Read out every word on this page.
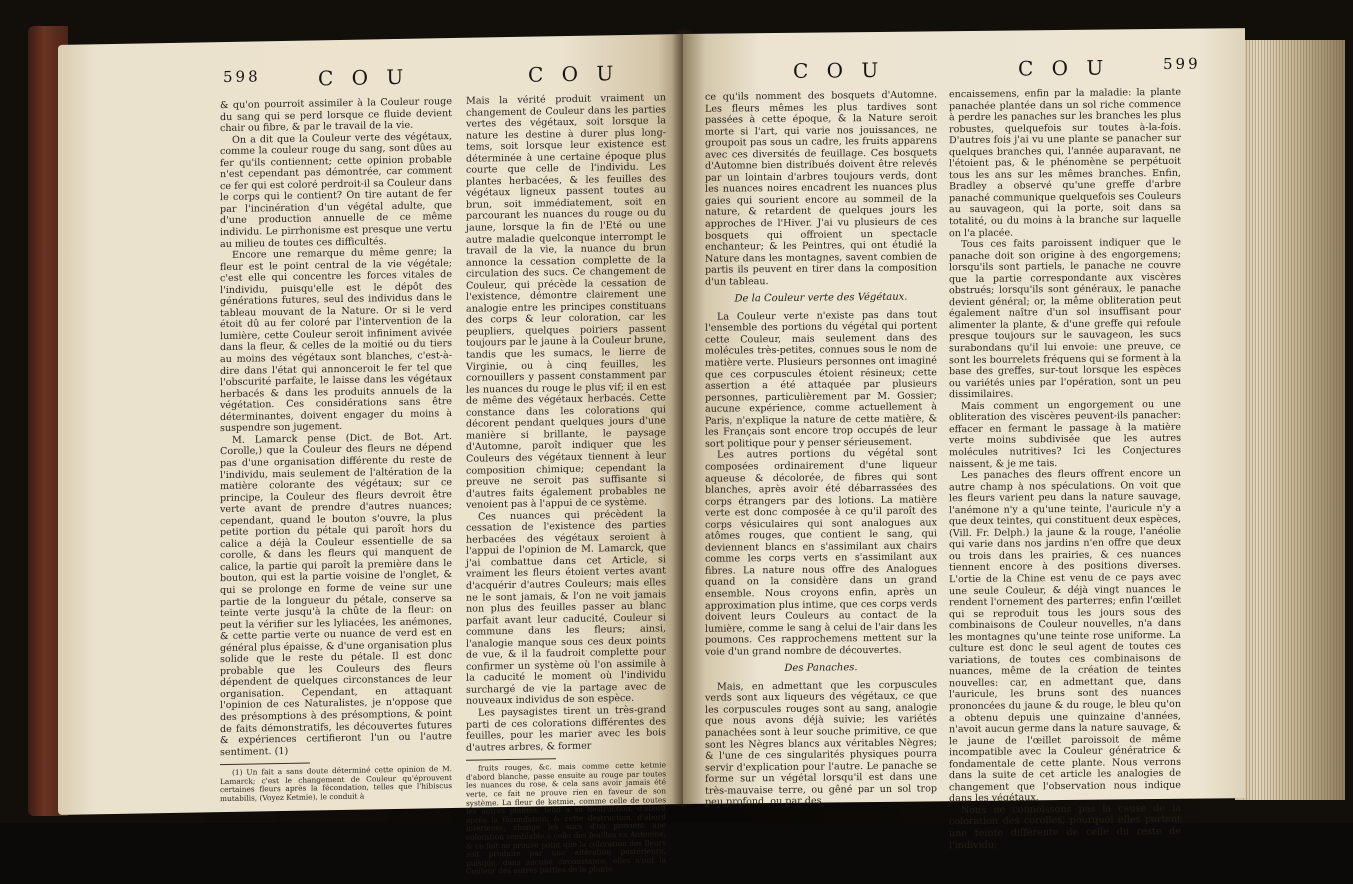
598	C O U	C O U

& qu'on pourroit assimiler à la Couleur rouge du sang qui se perd lorsque ce fluide devient chair ou fibre, & par le travail de la vie.

On a dit que la Couleur verte des végétaux, comme la couleur rouge du sang, sont dûes au fer qu'ils contiennent; cette opinion probable n'est cependant pas démontrée, car comment ce fer qui est coloré perdroit-il sa Couleur dans le corps qui le contient? On tire autant de fer par l'incinération d'un végétal adulte, que d'une production annuelle de ce même individu. Le pirrhonisme est presque une vertu au milieu de toutes ces difficultés.

Encore une remarque du même genre; la fleur est le point central de la vie végétale; c'est elle qui concentre les forces vitales de l'individu, puisqu'elle est le dépôt des générations futures, seul des individus dans le tableau mouvant de la Nature. Or si le verd étoit dû au fer coloré par l'intervention de la lumière, cette Couleur seroit infiniment avivée dans la fleur, & celles de la moitié ou du tiers au moins des végétaux sont blanches, c'est-à-dire dans l'état qui annonceroit le fer tel que l'obscurité parfaite, le laisse dans les végétaux herbacés & dans les produits annuels de la végétation. Ces considérations sans être déterminantes, doivent engager du moins à suspendre son jugement.

M. Lamarck pense (Dict. de Bot. Art. Corolle,) que la Couleur des fleurs ne dépend pas d'une organisation différente du reste de l'individu, mais seulement de l'altération de la matière colorante des végétaux; sur ce principe, la Couleur des fleurs devroit être verte avant de prendre d'autres nuances; cependant, quand le bouton s'ouvre, la plus petite portion du pétale qui paroît hors du calice a déjà la Couleur essentielle de sa corolle, & dans les fleurs qui manquent de calice, la partie qui paroît la première dans le bouton, qui est la partie voisine de l'onglet, & qui se prolonge en forme de veine sur une partie de la longueur du pétale, conserve sa teinte verte jusqu'à la chûte de la fleur: on peut la vérifier sur les lyliacées, les anémones, & cette partie verte ou nuance de verd est en général plus épaisse, & d'une organisation plus solide que le reste du pétale. Il est donc probable que les Couleurs des fleurs dépendent de quelques circonstances de leur organisation. Cependant, en attaquant l'opinion de ces Naturalistes, je n'oppose que des présomptions à des présomptions, & point de faits démonstratifs, les découvertes futures & expériences certifieront l'un ou l'autre sentiment. (1)

(1) Un fait a sans doute déterminé cette opinion de M. Lamarck; c'est le changement de Couleur qu'éprouvent certaines fleurs après la fécondation, telles que l'hibiscus mutabilis, (Voyez Ketmie), le conduit à

Mais la vérité produit vraiment un changement de Couleur dans les parties vertes des végétaux, soit lorsque la nature les destine à durer plus long-tems, soit lorsque leur existence est déterminée à une certaine époque plus courte que celle de l'individu. Les plantes herbacées, & les feuilles des végétaux ligneux passent toutes au brun, soit immédiatement, soit en parcourant les nuances du rouge ou du jaune, lorsque la fin de l'Eté ou une autre maladie quelconque interrompt le travail de la vie, la nuance du brun annonce la cessation complette de la circulation des sucs. Ce changement de Couleur, qui précède la cessation de l'existence, démontre clairement une analogie entre les principes constituans des corps & leur coloration, car les peupliers, quelques poiriers passent toujours par le jaune à la Couleur brune, tandis que les sumacs, le lierre de Virginie, ou à cinq feuilles, les cornouillers y passent constamment par les nuances du rouge le plus vif; il en est de même des végétaux herbacés. Cette constance dans les colorations qui décorent pendant quelques jours d'une manière si brillante, le paysage d'Automne, paroît indiquer que les Couleurs des végétaux tiennent à leur composition chimique; cependant la preuve ne seroit pas suffisante si d'autres faits également probables ne venoient pas à l'appui de ce système.

Ces nuances qui précèdent la cessation de l'existence des parties herbacées des végétaux seroient à l'appui de l'opinion de M. Lamarck, que j'ai combattue dans cet Article, si vraiment les fleurs étoient vertes avant d'acquérir d'autres Couleurs; mais elles ne le sont jamais, & l'on ne voit jamais non plus des feuilles passer au blanc parfait avant leur caducité, Couleur si commune dans les fleurs; ainsi, l'analogie manque sous ces deux points de vue, & il la faudroit complette pour confirmer un système où l'on assimile à la caducité le moment où l'individu surchargé de vie la partage avec de nouveaux individus de son espèce.

Les paysagistes tirent un très-grand parti de ces colorations différentes des feuilles, pour les marier avec les bois d'autres arbres, & former

fruits rouges, &c. mais comme cette ketmie d'abord blanche, passe ensuite au rouge par toutes les nuances du rose, & cela sans avoir jamais été verte, ce fait ne prouve rien en faveur de son système. La fleur de ketmie, comme celle de toutes les autres plantes, tend à sa destruction, d'abord après la fécondation; & cette destruction, d'abord intérieure, change les sucs d'où provient une coloration semblable à celle des feuilles en Automne, & ce fait ne prouve point que la coloration des fleurs soit produite par une altération postérieure, puisque, dans aucune circonstance, elles n'ont la Couleur des autres parties de la plante.

C O U	C O U	599

ce qu'ils nomment des bosquets d'Automne. Les fleurs mêmes les plus tardives sont passées à cette époque, & la Nature seroit morte si l'art, qui varie nos jouissances, ne groupoit pas sous un cadre, les fruits apparens avec ces diversités de feuillage. Ces bosquets d'Automne bien distribués doivent être relevés par un lointain d'arbres toujours verds, dont les nuances noires encadrent les nuances plus gaies qui sourient encore au sommeil de la nature, & retardent de quelques jours les approches de l'Hiver. J'ai vu plusieurs de ces bosquets qui offroient un spectacle enchanteur; & les Peintres, qui ont étudié la Nature dans les montagnes, savent combien de partis ils peuvent en tirer dans la composition d'un tableau.

De la Couleur verte des Végétaux.

La Couleur verte n'existe pas dans tout l'ensemble des portions du végétal qui portent cette Couleur, mais seulement dans des molécules très-petites, connues sous le nom de matière verte. Plusieurs personnes ont imaginé que ces corpuscules étoient résineux; cette assertion a été attaquée par plusieurs personnes, particulièrement par M. Gossier; aucune expérience, comme actuellement à Paris, n'explique la nature de cette matière, & les Français sont encore trop occupés de leur sort politique pour y penser sérieusement.

Les autres portions du végétal sont composées ordinairement d'une liqueur aqueuse & décolorée, de fibres qui sont blanches, après avoir été débarrassées des corps étrangers par des lotions. La matière verte est donc composée à ce qu'il paroît des corps vésiculaires qui sont analogues aux atômes rouges, que contient le sang, qui deviennent blancs en s'assimilant aux chairs comme les corps verts en s'assimilant aux fibres. La nature nous offre des Analogues quand on la considère dans un grand ensemble. Nous croyons enfin, après un approximation plus intime, que ces corps verds doivent leurs Couleurs au contact de la lumière, comme le sang à celui de l'air dans les poumons. Ces rapprochemens mettent sur la voie d'un grand nombre de découvertes.

Des Panaches.

Mais, en admettant que les corpuscules verds sont aux liqueurs des végétaux, ce que les corpuscules rouges sont au sang, analogie que nous avons déjà suivie; les variétés panachées sont à leur souche primitive, ce que sont les Nègres blancs aux véritables Nègres; & l'une de ces singularités physiques pourra servir d'explication pour l'autre. Le panache se forme sur un végétal lorsqu'il est dans une très-mauvaise terre, ou gêné par un sol trop peu profond, ou par des

encaissemens, enfin par la maladie: la plante panachée plantée dans un sol riche commence à perdre les panaches sur les branches les plus robustes, quelquefois sur toutes à-la-fois. D'autres fois j'ai vu une plante se panacher sur quelques branches qui, l'année auparavant, ne l'étoient pas, & le phénomène se perpétuoit tous les ans sur les mêmes branches. Enfin, Bradley a observé qu'une greffe d'arbre panaché communique quelquefois ses Couleurs au sauvageon, qui la porte, soit dans sa totalité, ou du moins à la branche sur laquelle on l'a placée.

Tous ces faits paroissent indiquer que le panache doit son origine à des engorgemens; lorsqu'ils sont partiels, le panache ne couvre que la partie correspondante aux viscères obstrués; lorsqu'ils sont généraux, le panache devient général; or, la même obliteration peut également naître d'un sol insuffisant pour alimenter la plante, & d'une greffe qui refoule presque toujours sur le sauvageon, les sucs surabondans qu'il lui envoie: une preuve, ce sont les bourrelets fréquens qui se forment à la base des greffes, sur-tout lorsque les espèces ou variétés unies par l'opération, sont un peu dissimilaires.

Mais comment un engorgement ou une obliteration des viscères peuvent-ils panacher: effacer en fermant le passage à la matière verte moins subdivisée que les autres molécules nutritives? Ici les Conjectures naissent, & je me tais.

Les panaches des fleurs offrent encore un autre champ à nos spéculations. On voit que les fleurs varient peu dans la nature sauvage, l'anémone n'y a qu'une teinte, l'auricule n'y a que deux teintes, qui constituent deux espèces, (Vill. Fr. Delph.) la jaune & la rouge, l'anéolie qui varie dans nos jardins n'en offre que deux ou trois dans les prairies, & ces nuances tiennent encore à des positions diverses. L'ortie de la Chine est venu de ce pays avec une seule Couleur, & déjà vingt nuances le rendent l'ornement des parterres; enfin l'œillet qui se reproduit tous les jours sous des combinaisons de Couleur nouvelles, n'a dans les montagnes qu'une teinte rose uniforme. La culture est donc le seul agent de toutes ces variations, de toutes ces combinaisons de nuances, même de la création de teintes nouvelles: car, en admettant que, dans l'auricule, les bruns sont des nuances prononcées du jaune & du rouge, le bleu qu'on a obtenu depuis une quinzaine d'années, n'avoit aucun germe dans la nature sauvage, & le jaune de l'œillet paroissoit de même incompatible avec la Couleur génératrice & fondamentale de cette plante. Nous verrons dans la suite de cet article les analogies de changement que l'observation nous indique dans les végétaux.

Nous ne connoissons pas la cause de la coloration des corolles, pourquoi elles portent une teinte différente de celle du reste de l'individu;
